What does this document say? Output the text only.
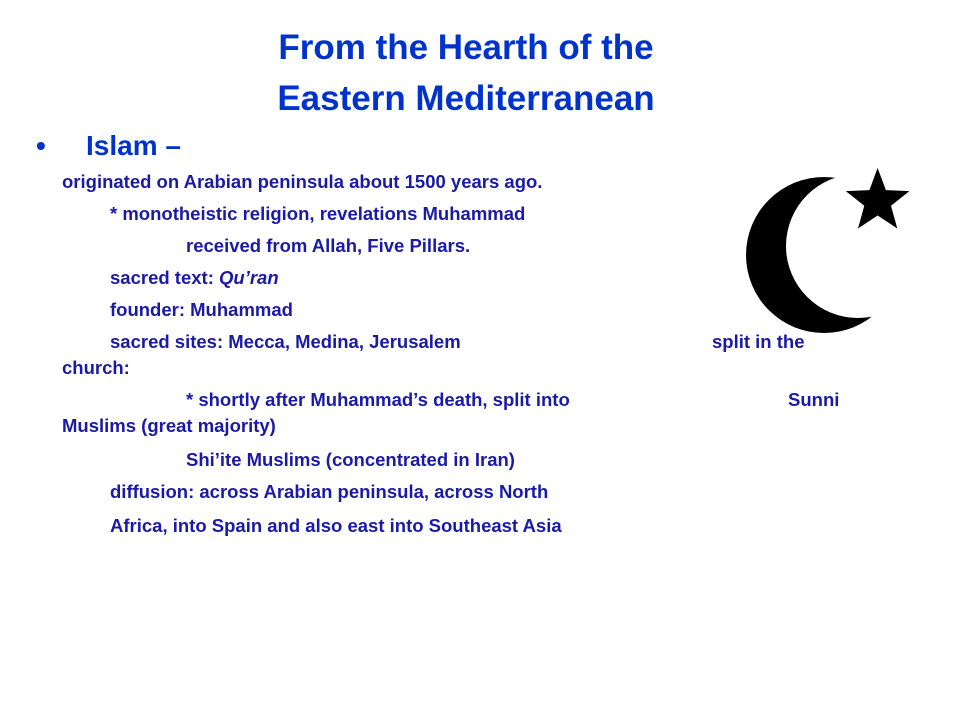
From the Hearth of the
Eastern Mediterranean
• Islam –
originated on Arabian peninsula about 1500 years ago.
* monotheistic religion, revelations Muhammad
received from Allah, Five Pillars.
sacred text: Qu’ran
founder: Muhammad
sacred sites: Mecca, Medina, Jerusalem	split in the
church:
* shortly after Muhammad’s death, split into	Sunni
Muslims (great majority)
Shi’ite Muslims (concentrated in Iran)
diffusion: across Arabian peninsula, across North
Africa, into Spain and also east into Southeast Asia
